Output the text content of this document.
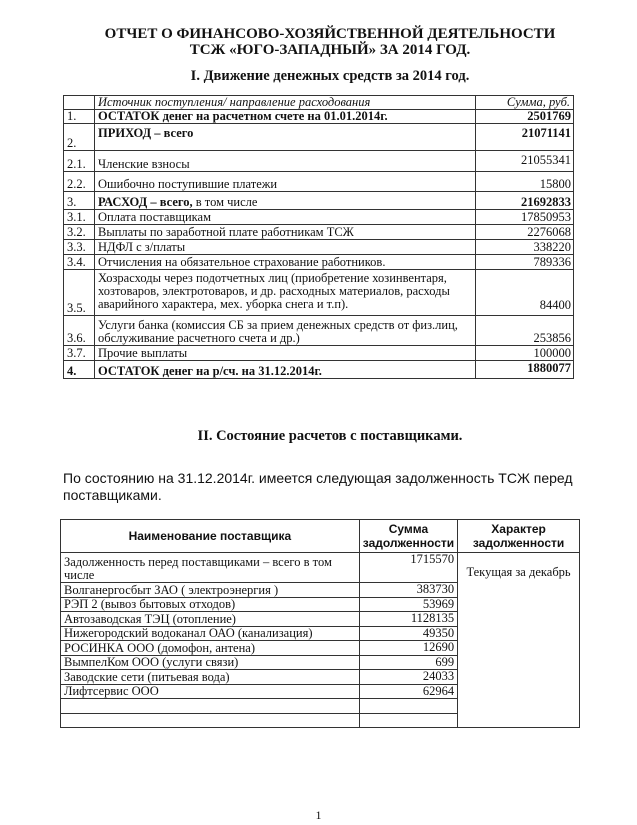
ОТЧЕТ О ФИНАНСОВО-ХОЗЯЙСТВЕННОЙ ДЕЯТЕЛЬНОСТИ
ТСЖ «ЮГО-ЗАПАДНЫЙ» ЗА 2014 ГОД.
I. Движение денежных средств за 2014 год.
	Источник поступления/ направление расходования	Сумма, руб.
1.	ОСТАТОК денег на расчетном счете на 01.01.2014г.	2501769
2.	ПРИХОД – всего	21071141
2.1.	Членские взносы	21055341
2.2.	Ошибочно поступившие платежи	15800
3.	РАСХОД – всего, в том числе	21692833
3.1.	Оплата поставщикам	17850953
3.2.	Выплаты по заработной плате работникам ТСЖ	2276068
3.3.	НДФЛ с з/платы	338220
3.4.	Отчисления на обязательное страхование работников.	789336
3.5.	Хозрасходы через подотчетных лиц (приобретение хозинвентаря, хозтоваров, электротоваров, и др. расходных материалов, расходы аварийного характера, мех. уборка снега и т.п).	84400
3.6.	Услуги банка (комиссия СБ за прием денежных средств от физ.лиц, обслуживание расчетного счета и др.)	253856
3.7.	Прочие выплаты	100000
4.	ОСТАТОК денег на р/сч. на 31.12.2014г.	1880077
II. Состояние расчетов с поставщиками.
По состоянию на 31.12.2014г. имеется следующая задолженность ТСЖ перед поставщиками.
Наименование поставщика	Сумма задолженности	Характер задолженности
Задолженность перед поставщиками – всего в том числе	1715570	Текущая за декабрь

Волганергосбыт ЗАО ( электроэнергия )	383730	
РЭП 2 (вывоз бытовых отходов)	53969	
Автозаводская ТЭЦ (отопление)	1128135	
Нижегородский водоканал ОАО (канализация)	49350	
РОСИНКА ООО (домофон, антена)	12690	
ВымпелКом ООО (услуги связи)	699	
Заводские сети (питьевая вода)	24033	
Лифтсервис ООО	62964	

1
